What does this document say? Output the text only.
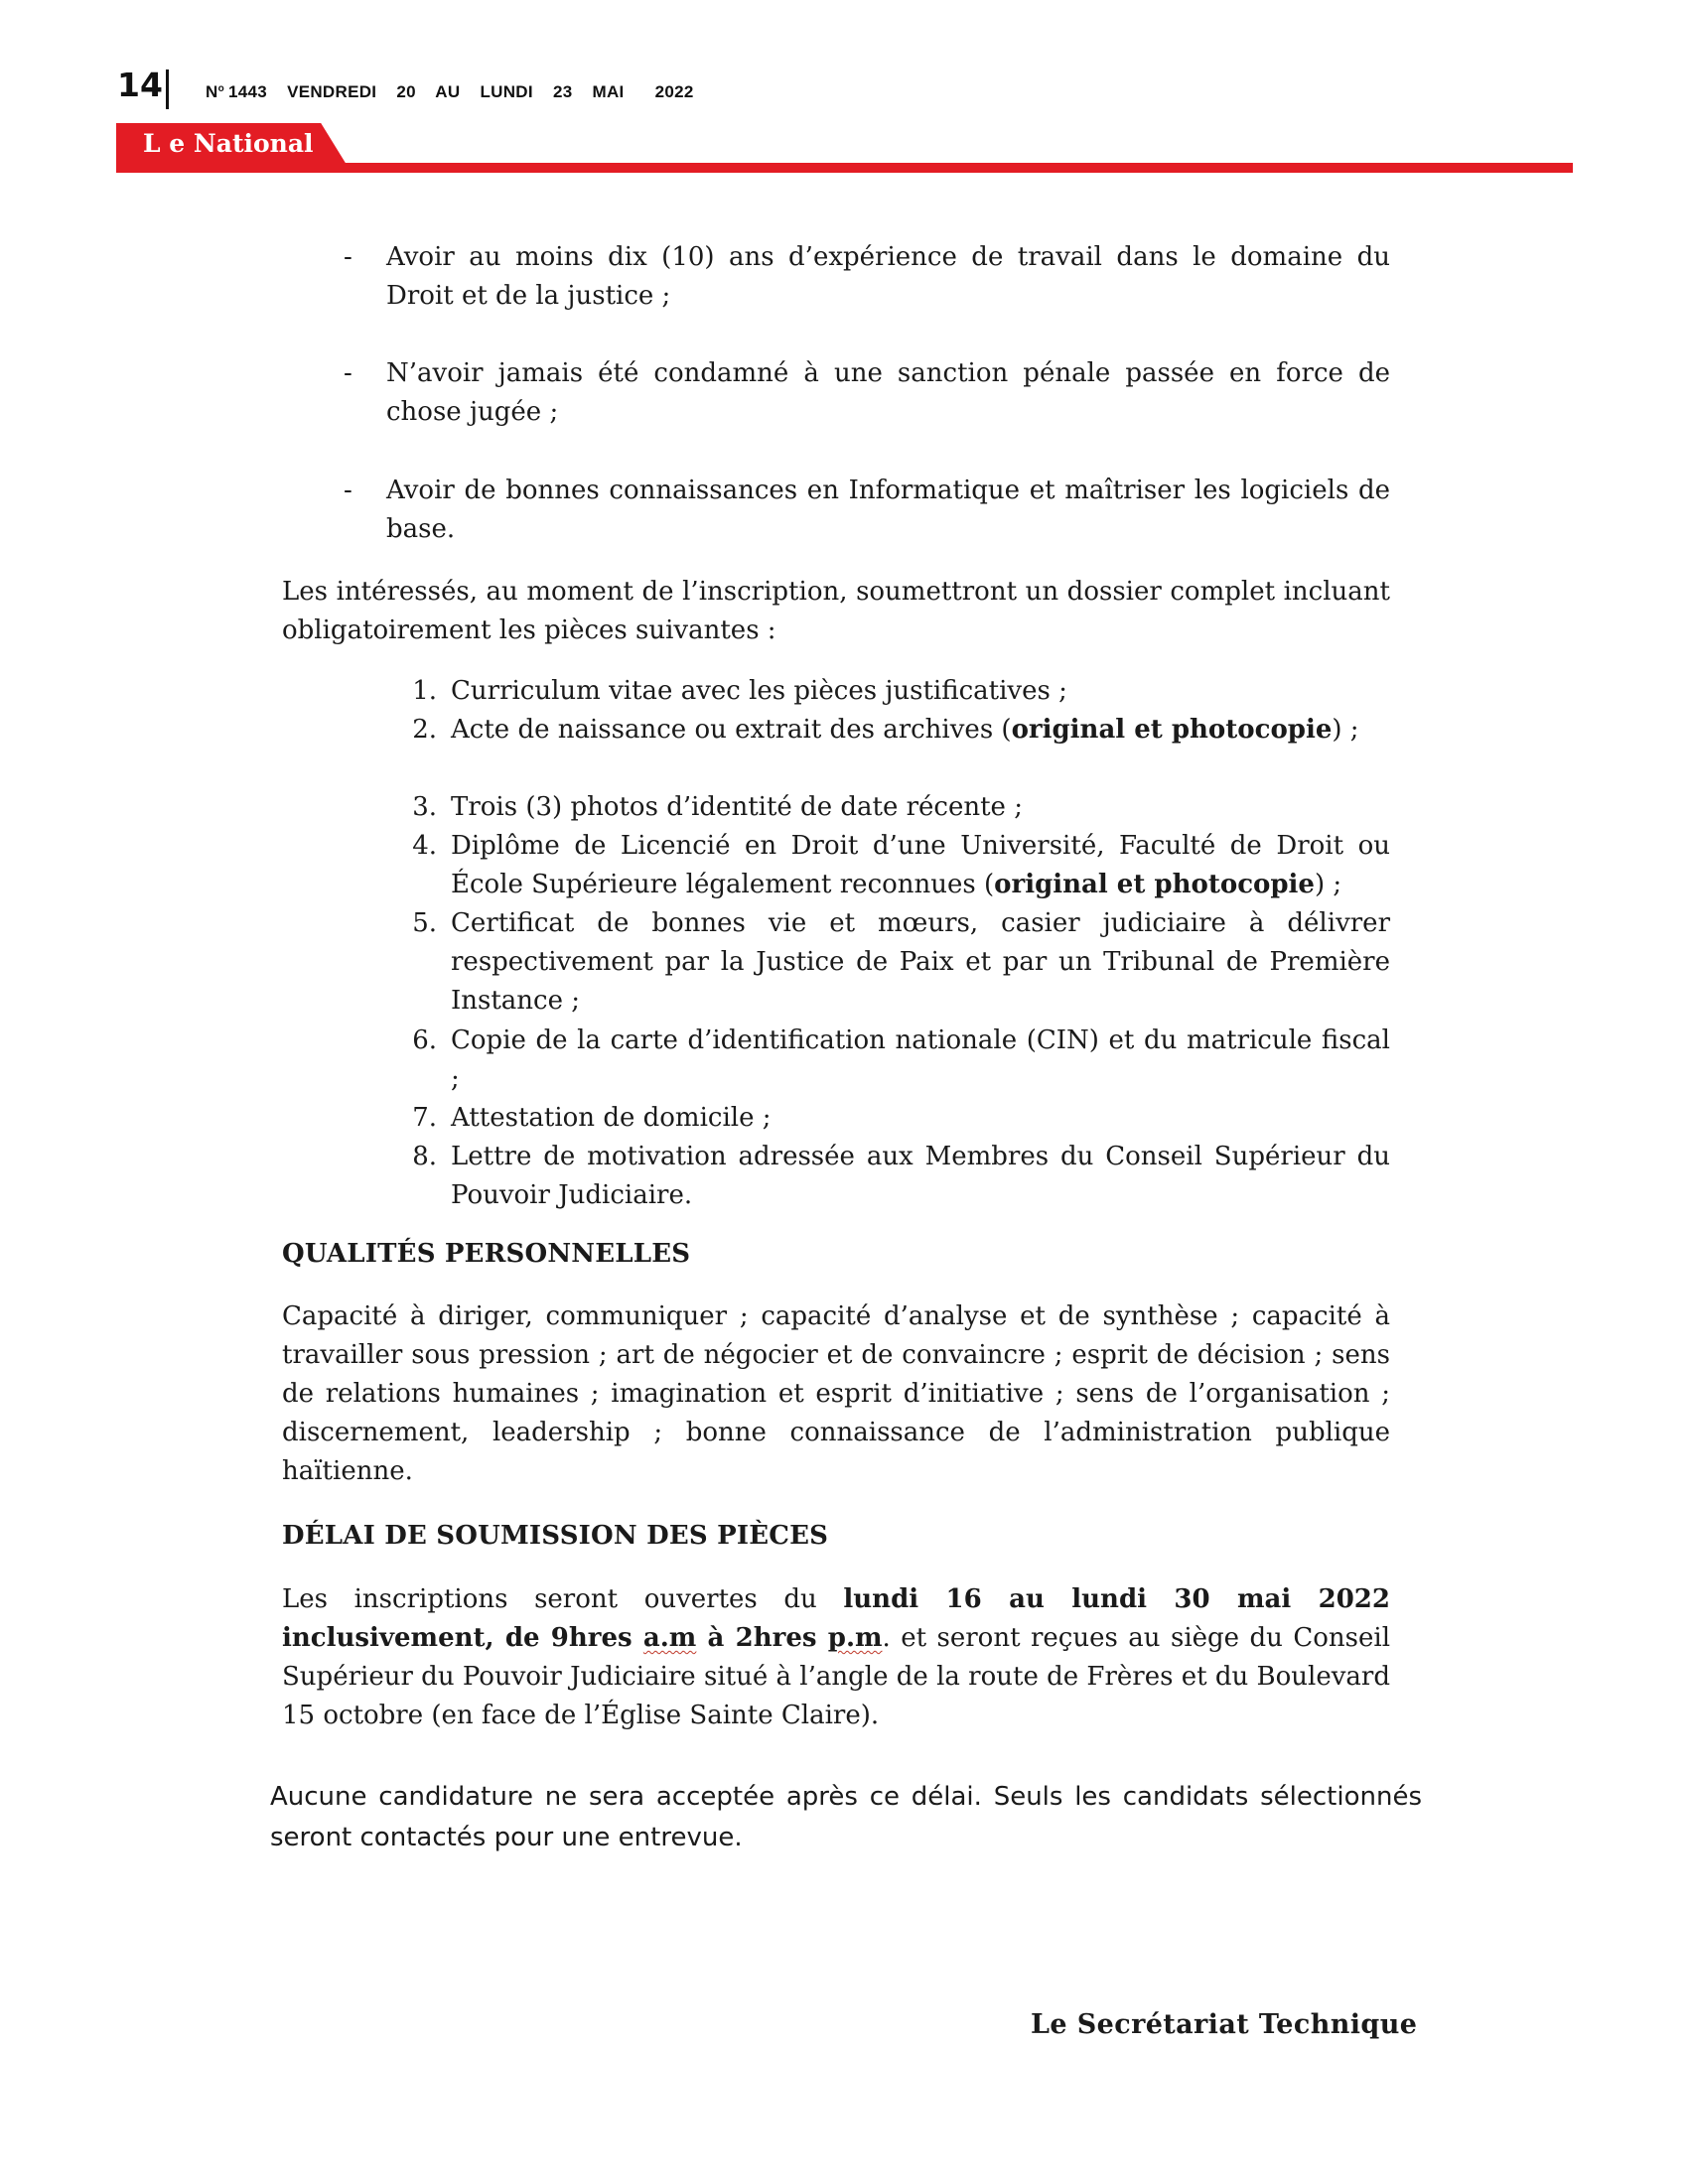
14	$N^o$ 1443 VENDREDI 20 AU LUNDI 23 MAI 2022
L e National
- Avoir au moins dix (10) ans d’expérience de travail dans le domaine du Droit et de la justice ;
- N’avoir jamais été condamné à une sanction pénale passée en force de chose jugée ;
- Avoir de bonnes connaissances en Informatique et maîtriser les logiciels de base.
Les intéressés, au moment de l’inscription, soumettront un dossier complet incluant obligatoirement les pièces suivantes :
1. Curriculum vitae avec les pièces justificatives ;
2. Acte de naissance ou extrait des archives (original et photocopie) ;
3. Trois (3) photos d’identité de date récente ;
4. Diplôme de Licencié en Droit d’une Université, Faculté de Droit ou École Supérieure légalement reconnues (original et photocopie) ;
5. Certificat de bonnes vie et mœurs, casier judiciaire à délivrer respectivement par la Justice de Paix et par un Tribunal de Première Instance ;
6. Copie de la carte d’identification nationale (CIN) et du matricule fiscal ;
7. Attestation de domicile ;
8. Lettre de motivation adressée aux Membres du Conseil Supérieur du Pouvoir Judiciaire.
QUALITÉS PERSONNELLES
Capacité à diriger, communiquer ; capacité d’analyse et de synthèse ; capacité à travailler sous pression ; art de négocier et de convaincre ; esprit de décision ; sens de relations humaines ; imagination et esprit d’initiative ; sens de l’organisation ; discernement, leadership ; bonne connaissance de l’administration publique haïtienne.
DÉLAI DE SOUMISSION DES PIÈCES
Les inscriptions seront ouvertes du lundi 16 au lundi 30 mai 2022 inclusivement, de 9hres a.m à 2hres p.m. et seront reçues au siège du Conseil Supérieur du Pouvoir Judiciaire situé à l’angle de la route de Frères et du Boulevard 15 octobre (en face de l’Église Sainte Claire).
Aucune candidature ne sera acceptée après ce délai. Seuls les candidats sélectionnés seront contactés pour une entrevue.
Le Secrétariat Technique
